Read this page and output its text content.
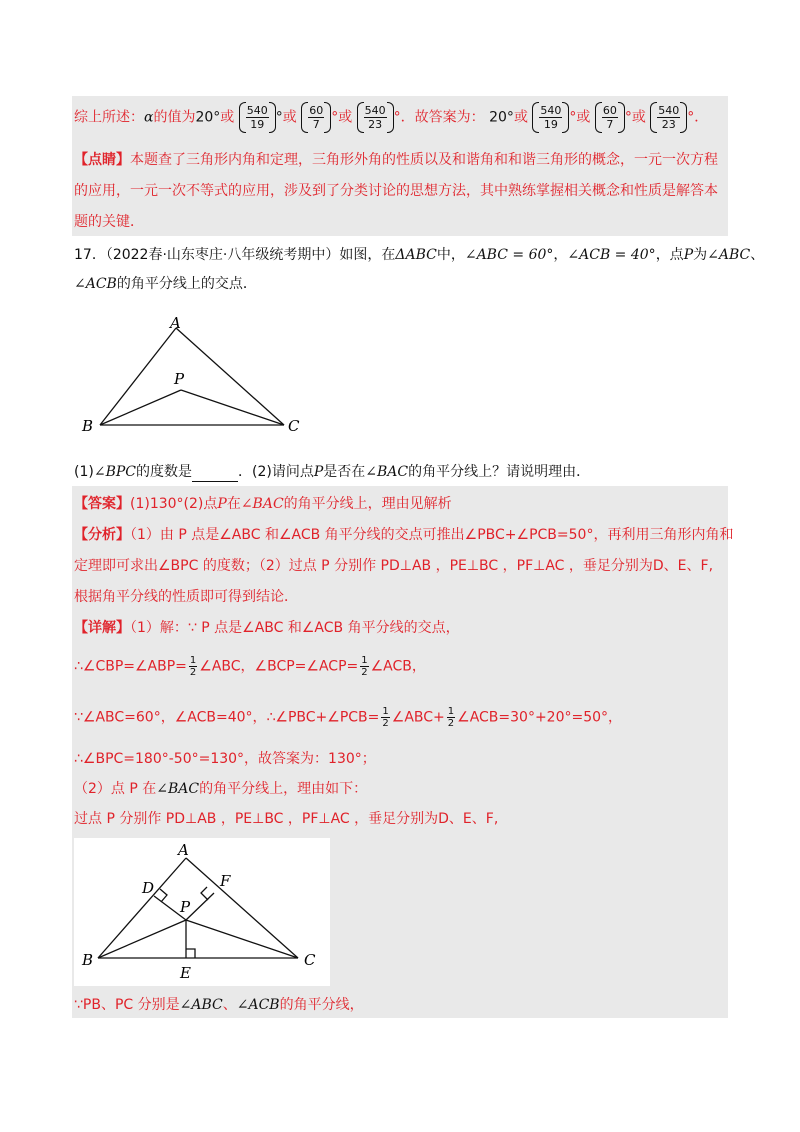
综上所述：α的值为20°或 $\frac{540}{19}$ °或 $\frac{60}{7}$ °或 $\frac{540}{23}$ °．故答案为： 20°或 $\frac{540}{19}$ °或 $\frac{60}{7}$ °或 $\frac{540}{23}$ °．
【点睛】本题查了三角形内角和定理，三角形外角的性质以及和谐角和和谐三角形的概念，一元一次方程
的应用，一元一次不等式的应用，涉及到了分类讨论的思想方法，其中熟练掌握相关概念和性质是解答本
题的关键．
17．（2022春·山东枣庄·八年级统考期中）如图，在ΔABC中，∠ABC = 60°，∠ACB = 40°，点P为∠ABC、
∠ACB的角平分线上的交点．
A
P
B	C
(1)∠BPC的度数是	．(2)请问点P是否在∠BAC的角平分线上？请说明理由．
【答案】(1)130°(2)点P在∠BAC的角平分线上，理由见解析
【分析】（1）由 P 点是∠ABC 和∠ACB 角平分线的交点可推出∠PBC+∠PCB=50°，再利用三角形内角和
定理即可求出∠BPC 的度数；（2）过点 P 分别作 PD⊥AB ，PE⊥BC ，PF⊥AC ，垂足分别为D、E、F,
根据角平分线的性质即可得到结论．
【详解】（1）解：∵ P 点是∠ABC 和∠ACB 角平分线的交点，
∴∠CBP=∠ABP= $\frac{1}{2}$ ∠ABC，∠BCP=∠ACP= $\frac{1}{2}$ ∠ACB，
∵∠ABC=60°，∠ACB=40°，∴∠PBC+∠PCB= $\frac{1}{2}$ ∠ABC+ $\frac{1}{2}$ ∠ACB=30°+20°=50°，
∴∠BPC=180°-50°=130°，故答案为：130°；
（2）点 P 在∠BAC的角平分线上，理由如下：
过点 P 分别作 PD⊥AB ，PE⊥BC ，PF⊥AC ，垂足分别为D、E、F,
A
D	F
P
B	C
E
∵PB、PC 分别是∠ABC、∠ACB的角平分线，
